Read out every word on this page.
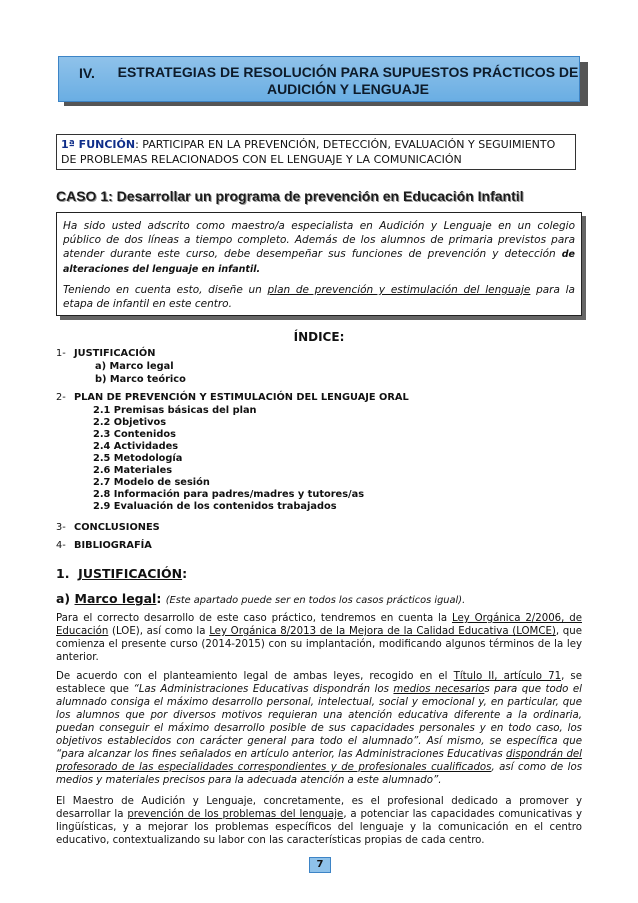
IV.	ESTRATEGIAS DE RESOLUCIÓN PARA SUPUESTOS PRÁCTICOS DE
AUDICIÓN Y LENGUAJE
1ª FUNCIÓN: PARTICIPAR EN LA PREVENCIÓN, DETECCIÓN, EVALUACIÓN Y SEGUIMIENTO
DE PROBLEMAS RELACIONADOS CON EL LENGUAJE Y LA COMUNICACIÓN
CASO 1: Desarrollar un programa de prevención en Educación Infantil

Ha sido usted adscrito como maestro/a especialista en Audición y Lenguaje en un colegio público de dos líneas a tiempo completo. Además de los alumnos de primaria previstos para atender durante este curso, debe desempeñar sus funciones de prevención y detección de alteraciones del lenguaje en infantil.

Teniendo en cuenta esto, diseñe un plan de prevención y estimulación del lenguaje para la etapa de infantil en este centro.

ÍNDICE:
1- JUSTIFICACIÓN
a) Marco legal
b) Marco teórico
2- PLAN DE PREVENCIÓN Y ESTIMULACIÓN DEL LENGUAJE ORAL
2.1 Premisas básicas del plan
2.2 Objetivos
2.3 Contenidos
2.4 Actividades
2.5 Metodología
2.6 Materiales
2.7 Modelo de sesión
2.8 Información para padres/madres y tutores/as
2.9 Evaluación de los contenidos trabajados
3- CONCLUSIONES
4- BIBLIOGRAFÍA
1. JUSTIFICACIÓN:
a) Marco legal: (Este apartado puede ser en todos los casos prácticos igual).

Para el correcto desarrollo de este caso práctico, tendremos en cuenta la Ley Orgánica 2/2006, de Educación (LOE), así como la Ley Orgánica 8/2013 de la Mejora de la Calidad Educativa (LOMCE), que comienza el presente curso (2014-2015) con su implantación, modificando algunos términos de la ley anterior.

De acuerdo con el planteamiento legal de ambas leyes, recogido en el Título II, artículo 71, se establece que “Las Administraciones Educativas dispondrán los medios necesarios para que todo el alumnado consiga el máximo desarrollo personal, intelectual, social y emocional y, en particular, que los alumnos que por diversos motivos requieran una atención educativa diferente a la ordinaria, puedan conseguir el máximo desarrollo posible de sus capacidades personales y en todo caso, los objetivos establecidos con carácter general para todo el alumnado”. Así mismo, se específica que “para alcanzar los fines señalados en artículo anterior, las Administraciones Educativas dispondrán del profesorado de las especialidades correspondientes y de profesionales cualificados, así como de los medios y materiales precisos para la adecuada atención a este alumnado”.

El Maestro de Audición y Lenguaje, concretamente, es el profesional dedicado a promover y desarrollar la prevención de los problemas del lenguaje, a potenciar las capacidades comunicativas y lingüísticas, y a mejorar los problemas específicos del lenguaje y la comunicación en el centro educativo, contextualizando su labor con las características propias de cada centro.

7
